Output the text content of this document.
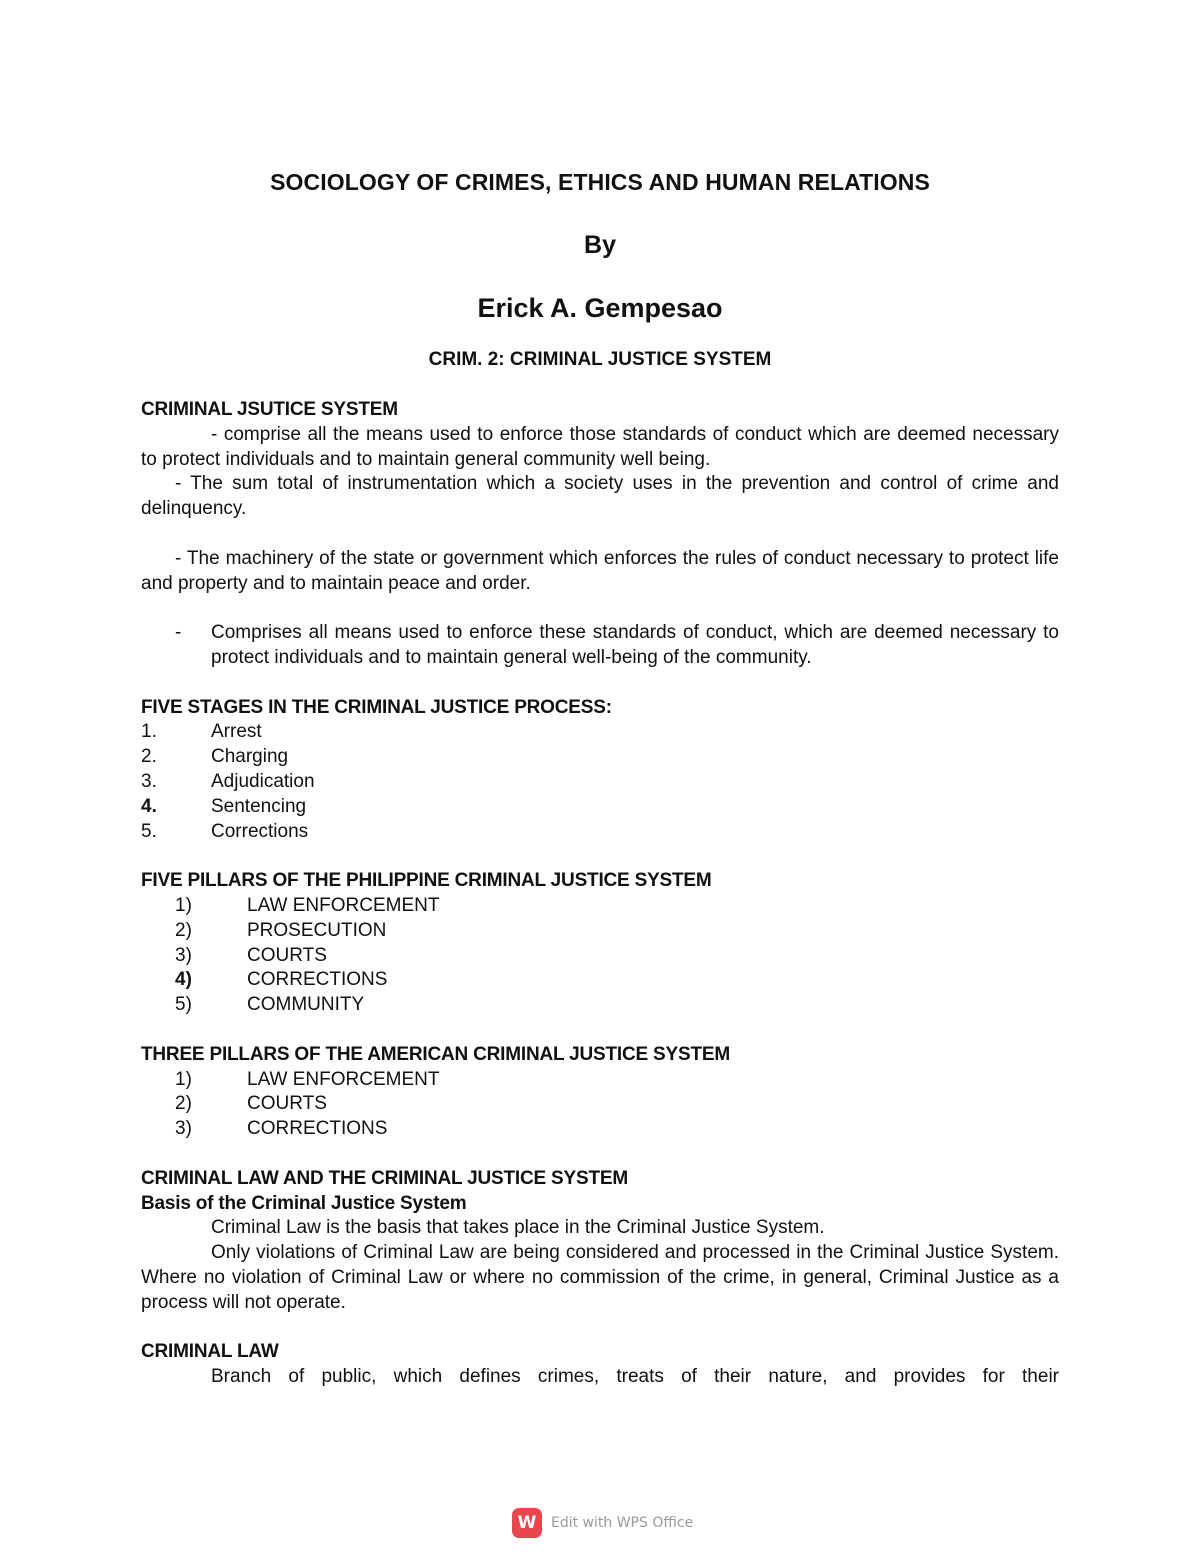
SOCIOLOGY OF CRIMES, ETHICS AND HUMAN RELATIONS
By
Erick A. Gempesao
CRIM. 2: CRIMINAL JUSTICE SYSTEM
CRIMINAL JSUTICE SYSTEM

- comprise all the means used to enforce those standards of conduct which are deemed necessary to protect individuals and to maintain general community well being.

- The sum total of instrumentation which a society uses in the prevention and control of crime and delinquency.

- The machinery of the state or government which enforces the rules of conduct necessary to protect life and property and to maintain peace and order.

-	Comprises all means used to enforce these standards of conduct, which are deemed necessary to protect individuals and to maintain general well-being of the community.
FIVE STAGES IN THE CRIMINAL JUSTICE PROCESS:
1.	Arrest
2.	Charging
3.	Adjudication
4.	Sentencing
5.	Corrections
FIVE PILLARS OF THE PHILIPPINE CRIMINAL JUSTICE SYSTEM
1)	LAW ENFORCEMENT
2)	PROSECUTION
3)	COURTS
4)	CORRECTIONS
5)	COMMUNITY
THREE PILLARS OF THE AMERICAN CRIMINAL JUSTICE SYSTEM
1)	LAW ENFORCEMENT
2)	COURTS
3)	CORRECTIONS
CRIMINAL LAW AND THE CRIMINAL JUSTICE SYSTEM
Basis of the Criminal Justice System

Criminal Law is the basis that takes place in the Criminal Justice System.

Only violations of Criminal Law are being considered and processed in the Criminal Justice System. Where no violation of Criminal Law or where no commission of the crime, in general, Criminal Justice as a process will not operate.

CRIMINAL LAW

Branch of public, which defines crimes, treats of their nature, and provides for their

W	Edit with WPS Office
